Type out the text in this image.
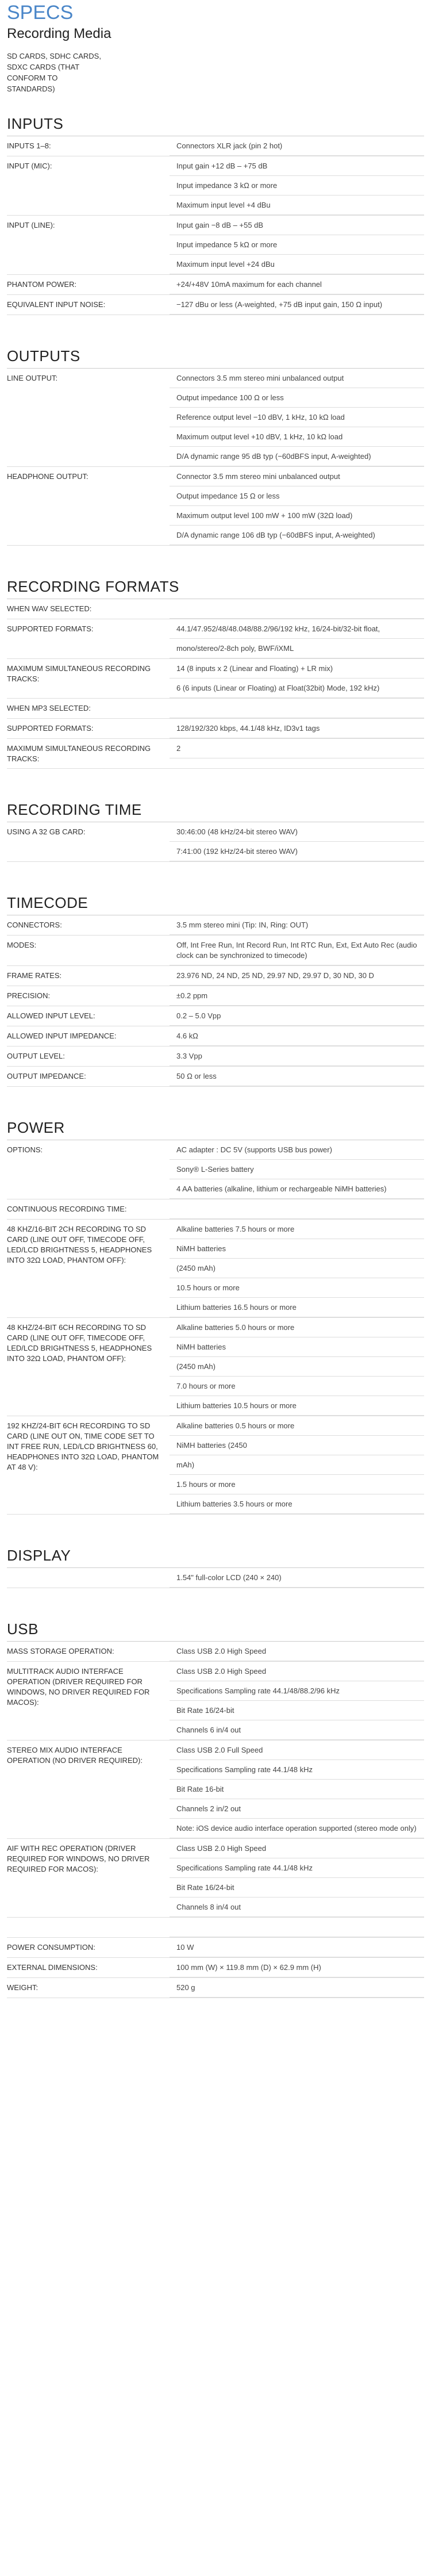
SPECS
Recording Media
SD CARDS, SDHC CARDS, SDXC CARDS (THAT CONFORM TO STANDARDS)
INPUTS
INPUTS 1–8:	Connectors XLR jack (pin 2 hot)
INPUT (MIC):	Input gain +12 dB – +75 dB
Input impedance 3 kΩ or more
Maximum input level +4 dBu
INPUT (LINE):	Input gain −8 dB – +55 dB
Input impedance 5 kΩ or more
Maximum input level +24 dBu
PHANTOM POWER:	+24/+48V 10mA maximum for each channel
EQUIVALENT INPUT NOISE:	−127 dBu or less (A-weighted, +75 dB input gain, 150 Ω input)
OUTPUTS
LINE OUTPUT:	Connectors 3.5 mm stereo mini unbalanced output
Output impedance 100 Ω or less
Reference output level −10 dBV, 1 kHz, 10 kΩ load
Maximum output level +10 dBV, 1 kHz, 10 kΩ load
D/A dynamic range 95 dB typ (−60dBFS input, A-weighted)
HEADPHONE OUTPUT:	Connector 3.5 mm stereo mini unbalanced output
Output impedance 15 Ω or less
Maximum output level 100 mW + 100 mW (32Ω load)
D/A dynamic range 106 dB typ (−60dBFS input, A-weighted)
RECORDING FORMATS
WHEN WAV SELECTED:

SUPPORTED FORMATS:	44.1/47.952/48/48.048/88.2/96/192 kHz, 16/24-bit/32-bit float,
mono/stereo/2-8ch poly, BWF/iXML
MAXIMUM SIMULTANEOUS RECORDING TRACKS:
14 (8 inputs x 2 (Linear and Floating) + LR mix)
6 (6 inputs (Linear or Floating) at Float(32bit) Mode, 192 kHz)
WHEN MP3 SELECTED:

SUPPORTED FORMATS:	128/192/320 kbps, 44.1/48 kHz, ID3v1 tags
MAXIMUM SIMULTANEOUS RECORDING TRACKS:
2
RECORDING TIME
USING A 32 GB CARD:	30:46:00 (48 kHz/24-bit stereo WAV)
7:41:00 (192 kHz/24-bit stereo WAV)
TIMECODE
CONNECTORS:	3.5 mm stereo mini (Tip: IN, Ring: OUT)
MODES:	Off, Int Free Run, Int Record Run, Int RTC Run, Ext, Ext Auto Rec (audio clock can be synchronized to timecode)
FRAME RATES:	23.976 ND, 24 ND, 25 ND, 29.97 ND, 29.97 D, 30 ND, 30 D
PRECISION:	±0.2 ppm
ALLOWED INPUT LEVEL:	0.2 – 5.0 Vpp
ALLOWED INPUT IMPEDANCE:	4.6 kΩ
OUTPUT LEVEL:	3.3 Vpp
OUTPUT IMPEDANCE:	50 Ω or less
POWER
OPTIONS:	AC adapter : DC 5V (supports USB bus power)
Sony® L-Series battery
4 AA batteries (alkaline, lithium or rechargeable NiMH batteries)
CONTINUOUS RECORDING TIME:

48 KHZ/16-BIT 2CH RECORDING TO SD CARD (LINE OUT OFF, TIMECODE OFF, LED/LCD BRIGHTNESS 5, HEADPHONES INTO 32Ω LOAD, PHANTOM OFF):
Alkaline batteries 7.5 hours or more
NiMH batteries
(2450 mAh)
10.5 hours or more
Lithium batteries 16.5 hours or more
48 KHZ/24-BIT 6CH RECORDING TO SD CARD (LINE OUT OFF, TIMECODE OFF, LED/LCD BRIGHTNESS 5, HEADPHONES INTO 32Ω LOAD, PHANTOM OFF):
Alkaline batteries 5.0 hours or more
NiMH batteries
(2450 mAh)
7.0 hours or more
Lithium batteries 10.5 hours or more
192 KHZ/24-BIT 6CH RECORDING TO SD CARD (LINE OUT ON, TIME CODE SET TO INT FREE RUN, LED/LCD BRIGHTNESS 60, HEADPHONES INTO 32Ω LOAD, PHANTOM AT 48 V):
Alkaline batteries 0.5 hours or more
NiMH batteries (2450
mAh)
1.5 hours or more
Lithium batteries 3.5 hours or more
DISPLAY
1.54" full-color LCD (240 × 240)
USB
MASS STORAGE OPERATION:	Class USB 2.0 High Speed
MULTITRACK AUDIO INTERFACE OPERATION (DRIVER REQUIRED FOR WINDOWS, NO DRIVER REQUIRED FOR MACOS):
Class USB 2.0 High Speed
Specifications Sampling rate 44.1/48/88.2/96 kHz
Bit Rate 16/24-bit
Channels 6 in/4 out
STEREO MIX AUDIO INTERFACE OPERATION (NO DRIVER REQUIRED):
Class USB 2.0 Full Speed
Specifications Sampling rate 44.1/48 kHz
Bit Rate 16-bit
Channels 2 in/2 out
Note: iOS device audio interface operation supported (stereo mode only)
AIF WITH REC OPERATION (DRIVER REQUIRED FOR WINDOWS, NO DRIVER REQUIRED FOR MACOS):
Class USB 2.0 High Speed
Specifications Sampling rate 44.1/48 kHz
Bit Rate 16/24-bit
Channels 8 in/4 out

POWER CONSUMPTION:	10 W
EXTERNAL DIMENSIONS:	100 mm (W) × 119.8 mm (D) × 62.9 mm (H)
WEIGHT:	520 g
